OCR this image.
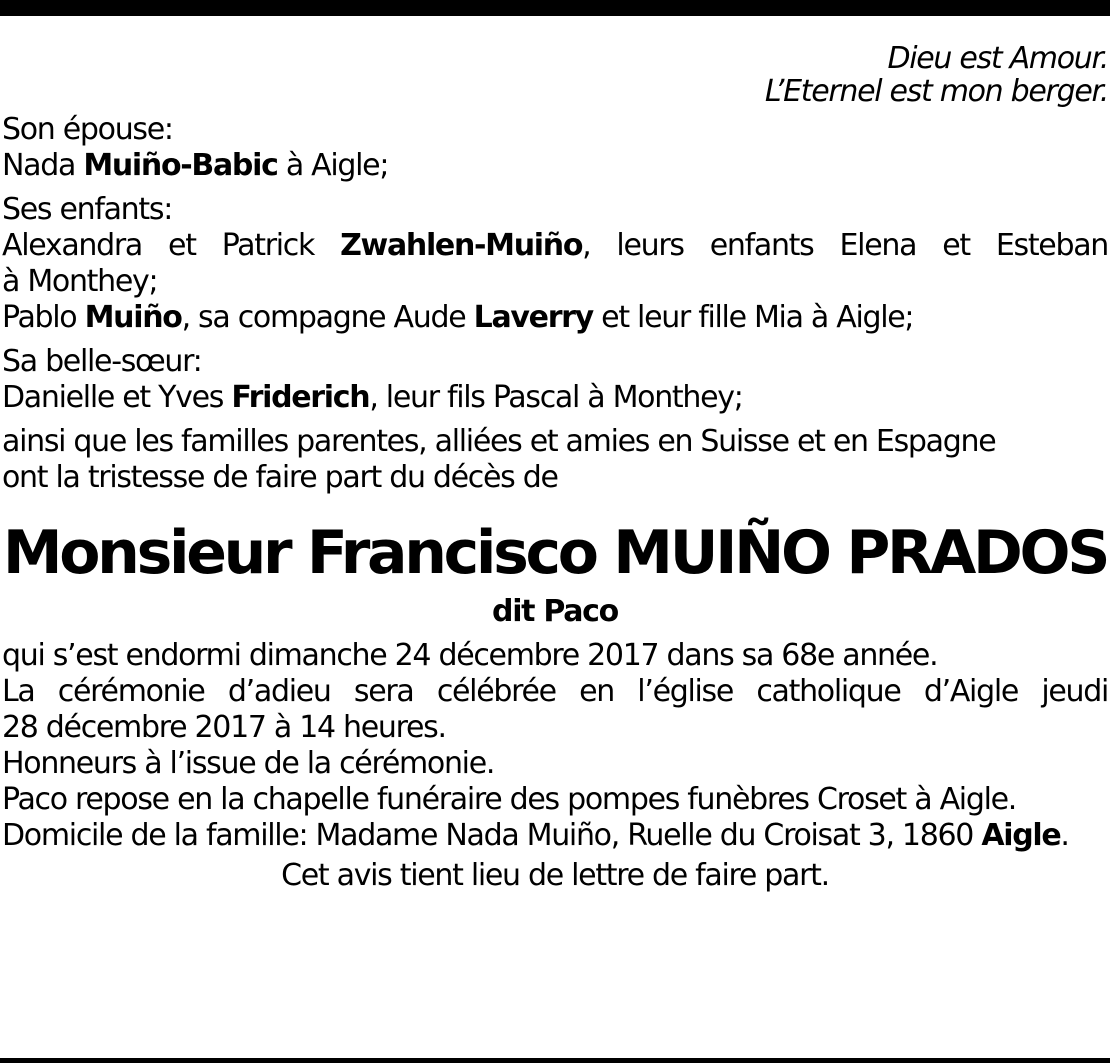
Dieu est Amour.
L’Eternel est mon berger.
Son épouse:
Nada Muiño-Babic à Aigle;
Ses enfants:
Alexandra et Patrick Zwahlen-Muiño, leurs enfants Elena et Esteban
à Monthey;
Pablo Muiño, sa compagne Aude Laverry et leur fille Mia à Aigle;
Sa belle-sœur:
Danielle et Yves Friderich, leur fils Pascal à Monthey;
ainsi que les familles parentes, alliées et amies en Suisse et en Espagne
ont la tristesse de faire part du décès de
Monsieur Francisco MUIÑO PRADOS
dit Paco
qui s’est endormi dimanche 24 décembre 2017 dans sa 68e année.
La cérémonie d’adieu sera célébrée en l’église catholique d’Aigle jeudi
28 décembre 2017 à 14 heures.
Honneurs à l’issue de la cérémonie.
Paco repose en la chapelle funéraire des pompes funèbres Croset à Aigle.
Domicile de la famille: Madame Nada Muiño, Ruelle du Croisat 3, 1860 Aigle.
Cet avis tient lieu de lettre de faire part.
